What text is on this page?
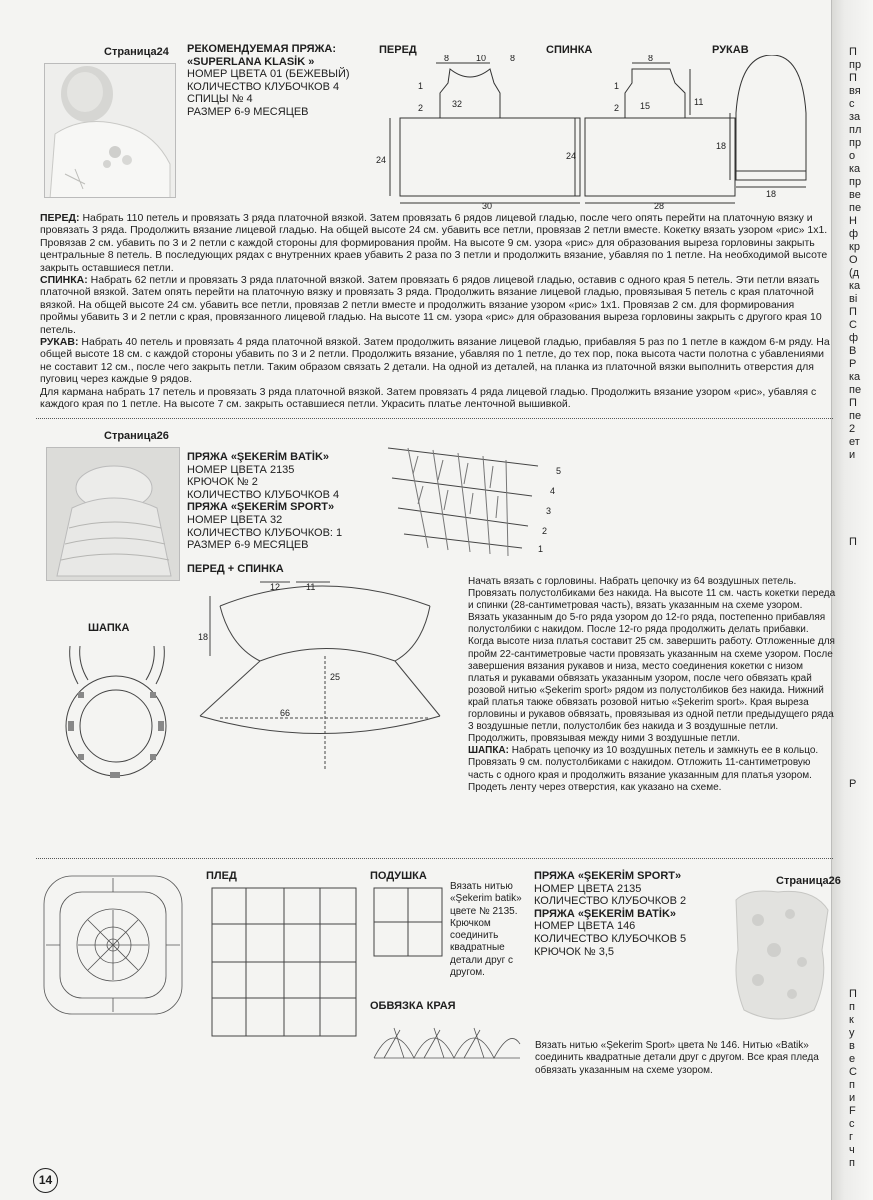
П
пр
П
вя
с
за
пл
пр
о
ка
пр
ве
пе
Н
ф
кр
О
(д
ка
ві
П
С
ф
В
Р
ка
пе
П
пе
2
ет
и
П
Р
П
п
к
у
в
е
С
п
и
F
с
г
ч
п
Страница24 РЕКОМЕНДУЕМАЯ ПРЯЖА:
«SUPERLANA KLASİK »
НОМЕР ЦВЕТА 01 (БЕЖЕВЫЙ)
КОЛИЧЕСТВО КЛУБОЧКОВ 4
СПИЦЫ № 4
РАЗМЕР 6-9 МЕСЯЦЕВ
ПЕРЕД	СПИНКА	РУКАВ
24
30
8	10	8
1
2	32
24
28
8
11
1
2 15
18
18

ПЕРЕД: Набрать 110 петель и провязать 3 ряда платочной вязкой. Затем провязать 6 рядов лицевой гладью, после чего опять перейти на платочную вязку и провязать 3 ряда. Продолжить вязание лицевой гладью. На общей высоте 24 см. убавить все петли, провязав 2 петли вместе. Кокетку вязать узором «рис» 1х1. Провязав 2 см. убавить по 3 и 2 петли с каждой стороны для формирования пройм. На высоте 9 см. узора «рис» для образования выреза горловины закрыть центральные 8 петель. В последующих рядах с внутренних краев убавить 2 раза по 3 петли и продолжить вязание, убавляя по 1 петле. На необходимой высоте закрыть оставшиеся петли.

СПИНКА: Набрать 62 петли и провязать 3 ряда платочной вязкой. Затем провязать 6 рядов лицевой гладью, оставив с одного края 5 петель. Эти петли вязать платочной вязкой. Затем опять перейти на платочную вязку и провязать 3 ряда. Продолжить вязание лицевой гладью, провязывая 5 петель с края платочной вязкой. На общей высоте 24 см. убавить все петли, провязав 2 петли вместе и продолжить вязание узором «рис» 1х1. Провязав 2 см. для формирования проймы убавить 3 и 2 петли с края, провязанного лицевой гладью. На высоте 11 см. узора «рис» для образования выреза горловины закрыть с другого края 10 петель.

РУКАВ: Набрать 40 петель и провязать 4 ряда платочной вязкой. Затем продолжить вязание лицевой гладью, прибавляя 5 раз по 1 петле в каждом 6-м ряду. На общей высоте 18 см. с каждой стороны убавить по 3 и 2 петли. Продолжить вязание, убавляя по 1 петле, до тех пор, пока высота части полотна с убавлениями не составит 12 см., после чего закрыть петли. Таким образом связать 2 детали. На одной из деталей, на планка из платочной вязки выполнить отверстия для пуговиц через каждые 9 рядов.

Для кармана набрать 17 петель и провязать 3 ряда платочной вязкой. Затем провязать 4 ряда лицевой гладью. Продолжить вязание узором «рис», убавляя с каждого края по 1 петле. На высоте 7 см. закрыть оставшиеся петли. Украсить платье ленточной вышивкой.

Страница26
ШАПКА
ПРЯЖА «ŞEKERİM BATİK»
НОМЕР ЦВЕТА 2135
КРЮЧОК № 2
КОЛИЧЕСТВО КЛУБОЧКОВ 4
ПРЯЖА «ŞEKERİM SPORT»
НОМЕР ЦВЕТА 32
КОЛИЧЕСТВО КЛУБОЧКОВ: 1
РАЗМЕР 6-9 МЕСЯЦЕВ
ПЕРЕД + СПИНКА
5
4
3
2
1
12	11
18
25
66

Начать вязать с горловины. Набрать цепочку из 64 воздушных петель. Провязать полустолбиками без накида. На высоте 11 см. часть кокетки переда и спинки (28-сантиметровая часть), вязать указанным на схеме узором. Вязать указанным до 5-го ряда узором до 12-го ряда, постепенно прибавляя полустолбики с накидом. После 12-го ряда продолжить делать прибавки. Когда высоте низа платья составит 25 см. завершить работу. Отложенные для пройм 22-сантиметровые части провязать указанным на схеме узором. После завершения вязания рукавов и низа, место соединения кокетки с низом платья и рукавами обвязать указанным узором, после чего обвязать край розовой нитью «Şekerim sport» рядом из полустолбиков без накида. Нижний край платья также обвязать розовой нитью «Şekerim sport». Края выреза горловины и рукавов обвязать, провязывая из одной петли предыдущего ряда 3 воздушные петли, полустолбик без накида и 3 воздушные петли. Продолжить, провязывая между ними 3 воздушные петли.

ШАПКА: Набрать цепочку из 10 воздушных петель и замкнуть ее в кольцо. Провязать 9 см. полустолбиками с накидом. Отложить 11-сантиметровую часть с одного края и продолжить вязание указанным для платья узором. Продеть ленту через отверстия, как указано на схеме.

ПЛЕД	ПОДУШКА
Вязать нитью «Şekerim batik» цвете № 2135. Крючком соединить квадратные детали друг с другом.
ОБВЯЗКА КРАЯ
ПРЯЖА «ŞEKERİM SPORT»
НОМЕР ЦВЕТА 2135
КОЛИЧЕСТВО КЛУБОЧКОВ 2
ПРЯЖА «ŞEKERİM BATİK»
НОМЕР ЦВЕТА 146
КОЛИЧЕСТВО КЛУБОЧКОВ 5
КРЮЧОК № 3,5
Страница26
Вязать нитью «Şekerim Sport» цвета № 146. Нитью «Batik» соединить квадратные детали друг с другом. Все края пледа обвязать указанным на схеме узором.
14
